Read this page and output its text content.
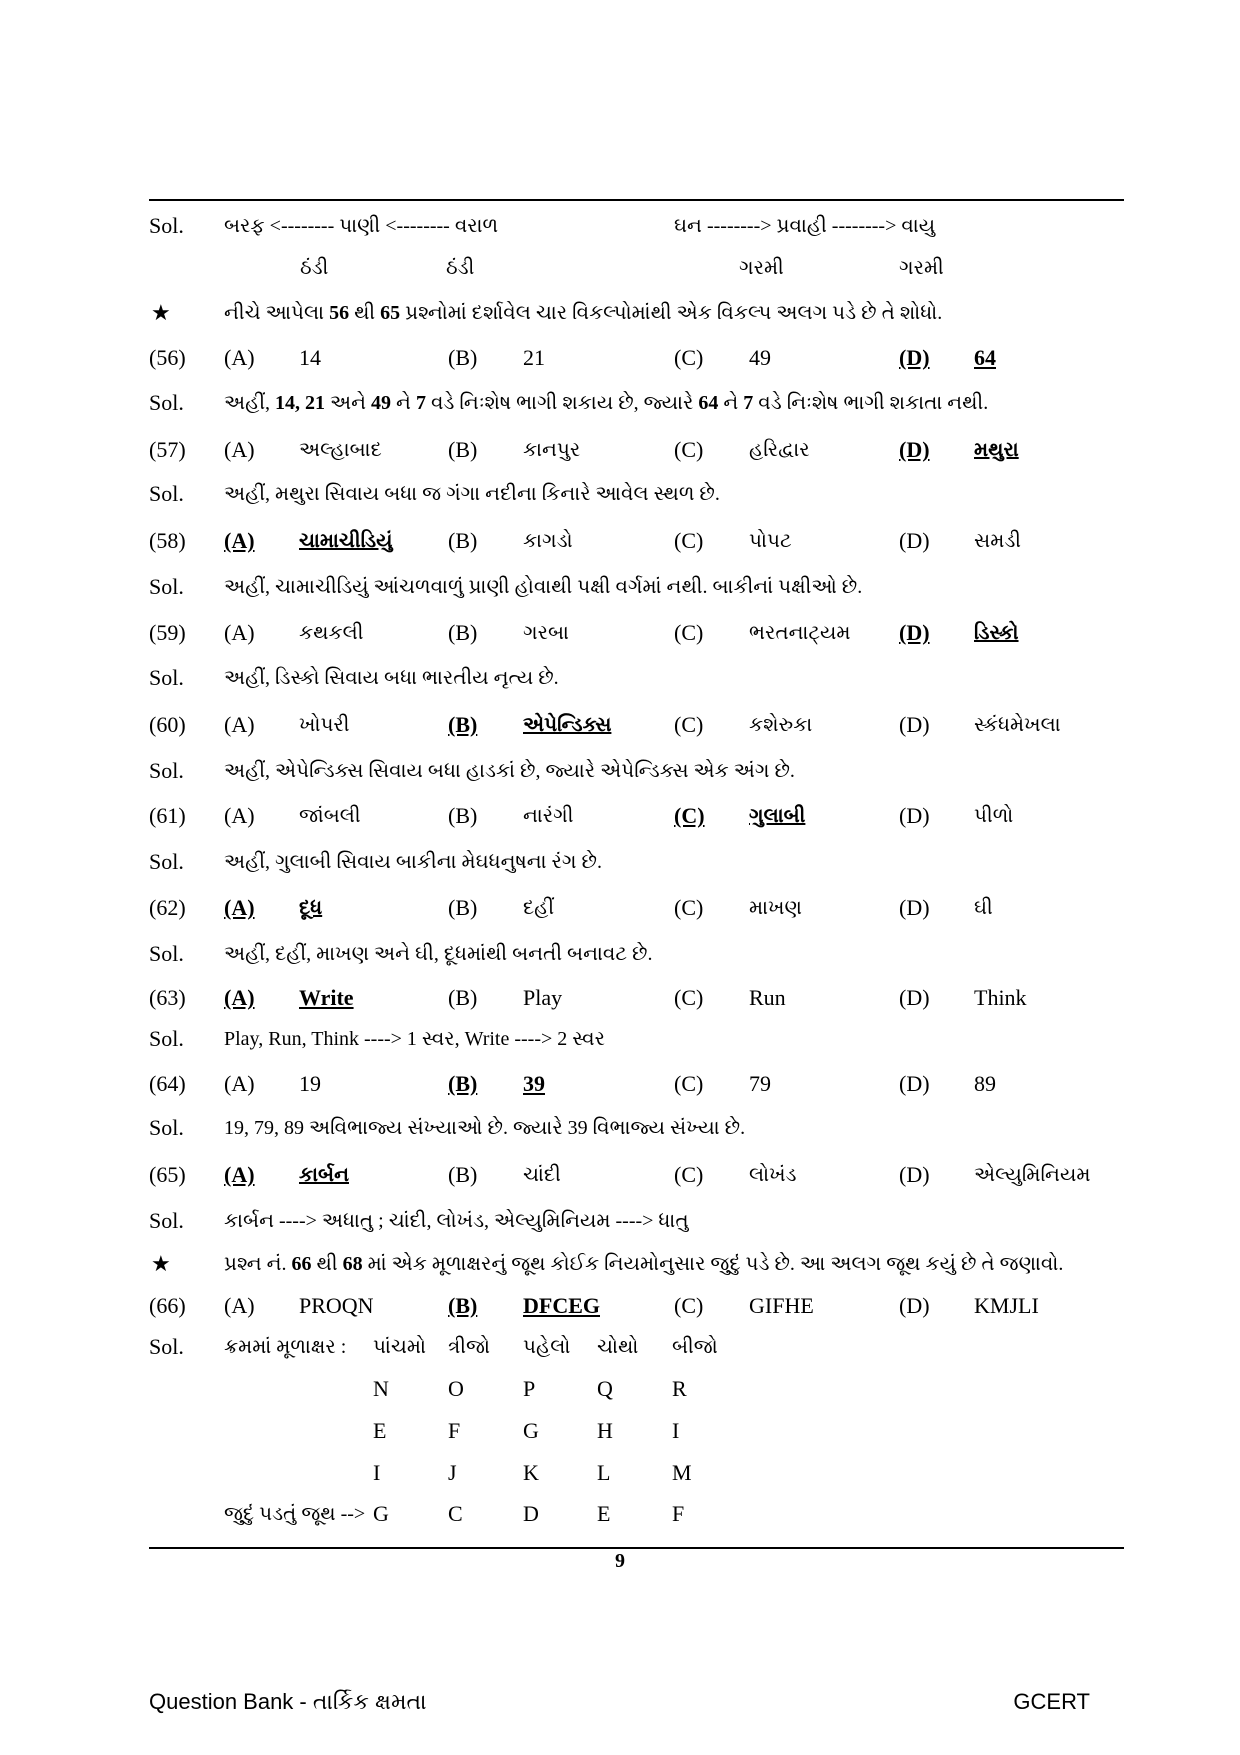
Sol. બરફ <-------- પાણી <-------- વરાળ	ઘન --------> પ્રવાહી --------> વાયુ
ઠંડી	ઠંડી	ગરમી	ગરમી
★	નીચે આપેલા 56 થી 65 પ્રશ્નોમાં દર્શાવેલ ચાર વિકલ્પોમાંથી એક વિકલ્પ અલગ પડે છે તે શોધો.
(56) (A) 14	(B) 21	(C) 49	(D) 64
Sol. અહીં, 14, 21 અને 49 ને 7 વડે નિઃશેષ ભાગી શકાય છે, જ્યારે 64 ને 7 વડે નિઃશેષ ભાગી શકાતા નથી.
(57) (A) અલ્હાબાદ	(B) કાનપુર	(C) હરિદ્વાર	(D) મથુરા
Sol. અહીં, મથુરા સિવાય બધા જ ગંગા નદીના કિનારે આવેલ સ્થળ છે.
(58) (A) ચામાચીડિયું	(B) કાગડો	(C) પોપટ	(D) સમડી
Sol. અહીં, ચામાચીડિયું આંચળવાળું પ્રાણી હોવાથી પક્ષી વર્ગમાં નથી. બાકીનાં પક્ષીઓ છે.
(59) (A) કથકલી	(B) ગરબા	(C) ભરતનાટ્યમ (D) ડિસ્કો
Sol. અહીં, ડિસ્કો સિવાય બધા ભારતીય નૃત્ય છે.
(60) (A) ખોપરી	(B) એપેન્ડિક્સ	(C) કશેરુકા	(D) સ્કંધમેખલા
Sol. અહીં, એપેન્ડિક્સ સિવાય બધા હાડકાં છે, જ્યારે એપેન્ડિક્સ એક અંગ છે.
(61) (A) જાંબલી	(B) નારંગી	(C) ગુલાબી	(D) પીળો
Sol. અહીં, ગુલાબી સિવાય બાકીના મેઘધનુષના રંગ છે.
(62) (A) દૂધ	(B) દહીં	(C) માખણ	(D) ઘી
Sol. અહીં, દહીં, માખણ અને ઘી, દૂધમાંથી બનતી બનાવટ છે.
(63) (A) Write	(B) Play	(C) Run	(D) Think
Sol. Play, Run, Think ----> 1 સ્વર, Write ----> 2 સ્વર
(64) (A) 19	(B) 39	(C) 79	(D) 89
Sol. 19, 79, 89 અવિભાજ્ય સંખ્યાઓ છે. જ્યારે 39 વિભાજ્ય સંખ્યા છે.
(65) (A) કાર્બન	(B) ચાંદી	(C) લોખંડ	(D) એલ્યુમિનિયમ
Sol. કાર્બન ----> અધાતુ ; ચાંદી, લોખંડ, એલ્યુમિનિયમ ----> ધાતુ
★	પ્રશ્ન નં. 66 થી 68 માં એક મૂળાક્ષરનું જૂથ કોઈક નિયમોનુસાર જુદું પડે છે. આ અલગ જૂથ કયું છે તે જણાવો.
(66) (A) PROQN	(B) DFCEG	(C) GIFHE	(D) KMJLI
Sol. ક્રમમાં મૂળાક્ષર : પાંચમો ત્રીજો પહેલો ચોથો બીજો
N	O	P	Q	R
E	F	G	H	I
I	J	K	L	M
જુદું પડતું જૂથ --> G	C	D	E	F
9
Question Bank - તાર્કિક ક્ષમતા	GCERT
